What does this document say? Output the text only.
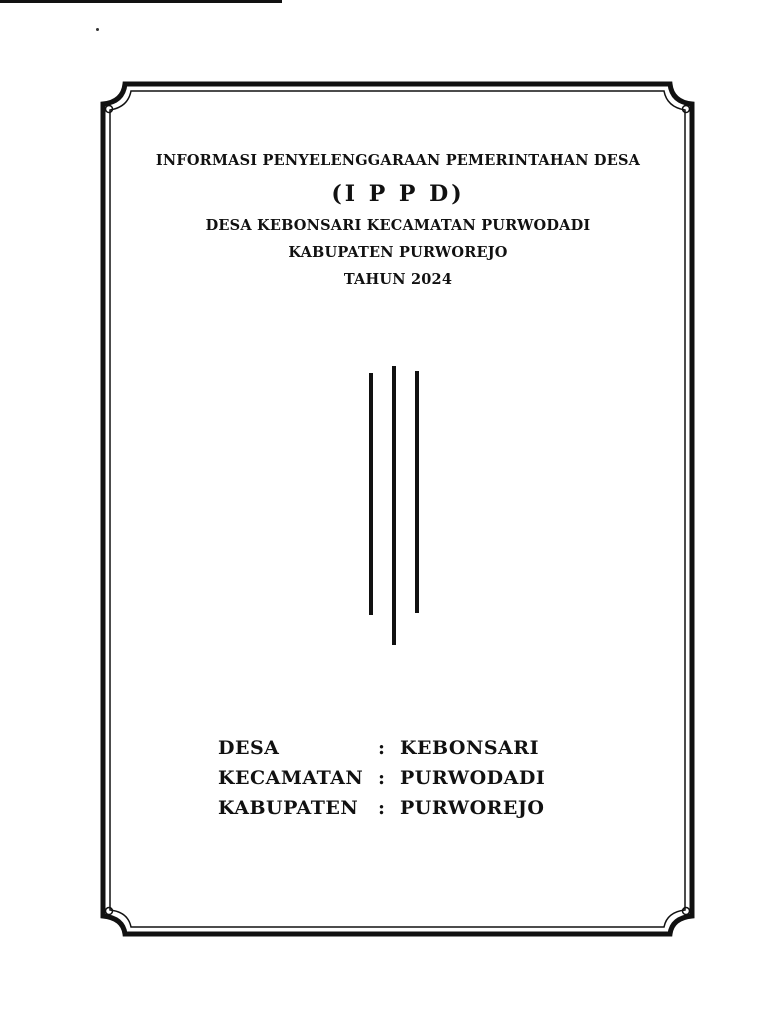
INFORMASI PENYELENGGARAAN PEMERINTAHAN DESA
(I P P D)
DESA KEBONSARI KECAMATAN PURWODADI
KABUPATEN PURWOREJO
TAHUN 2024
DESA	: KEBONSARI
KECAMATAN : PURWODADI
KABUPATEN : PURWOREJO
